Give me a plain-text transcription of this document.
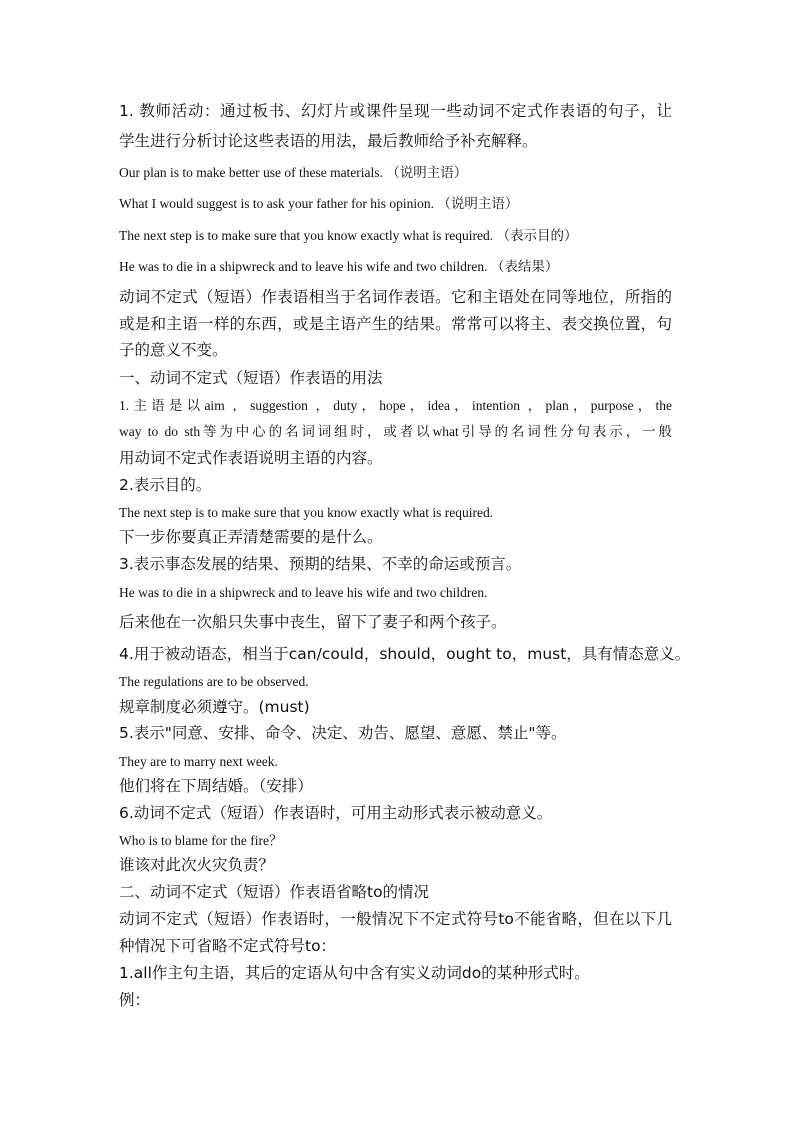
1. 教师活动：通过板书、幻灯片或课件呈现一些动词不定式作表语的句子，让
学生进行分析讨论这些表语的用法，最后教师给予补充解释。
Our plan is to make better use of these materials. （说明主语）
What I would suggest is to ask your father for his opinion. （说明主语）
The next step is to make sure that you know exactly what is required. （表示目的）
He was to die in a shipwreck and to leave his wife and two children. （表结果）
动词不定式（短语）作表语相当于名词作表语。它和主语处在同等地位，所指的
或是和主语一样的东西，或是主语产生的结果。常常可以将主、表交换位置，句
子的意义不变。
一、动词不定式（短语）作表语的用法
1.主语是以aim ，suggestion ，duty，hope，idea，intention ，plan，purpose，the
way to do sth等为中心的名词词组时，或者以what引导的名词性分句表示，一般
用动词不定式作表语说明主语的内容。
2.表示目的。
The next step is to make sure that you know exactly what is required.
下一步你要真正弄清楚需要的是什么。
3.表示事态发展的结果、预期的结果、不幸的命运或预言。
He was to die in a shipwreck and to leave his wife and two children.
后来他在一次船只失事中丧生，留下了妻子和两个孩子。
4.用于被动语态，相当于can/could，should，ought to，must，具有情态意义。
The regulations are to be observed.
规章制度必须遵守。(must)
5.表示"同意、安排、命令、决定、劝告、愿望、意愿、禁止"等。
They are to marry next week.
他们将在下周结婚。（安排）
6.动词不定式（短语）作表语时，可用主动形式表示被动意义。
Who is to blame for the fire？
谁该对此次火灾负责？
二、动词不定式（短语）作表语省略to的情况
动词不定式（短语）作表语时，一般情况下不定式符号to不能省略，但在以下几
种情况下可省略不定式符号to：
1.all作主句主语，其后的定语从句中含有实义动词do的某种形式时。
例：
